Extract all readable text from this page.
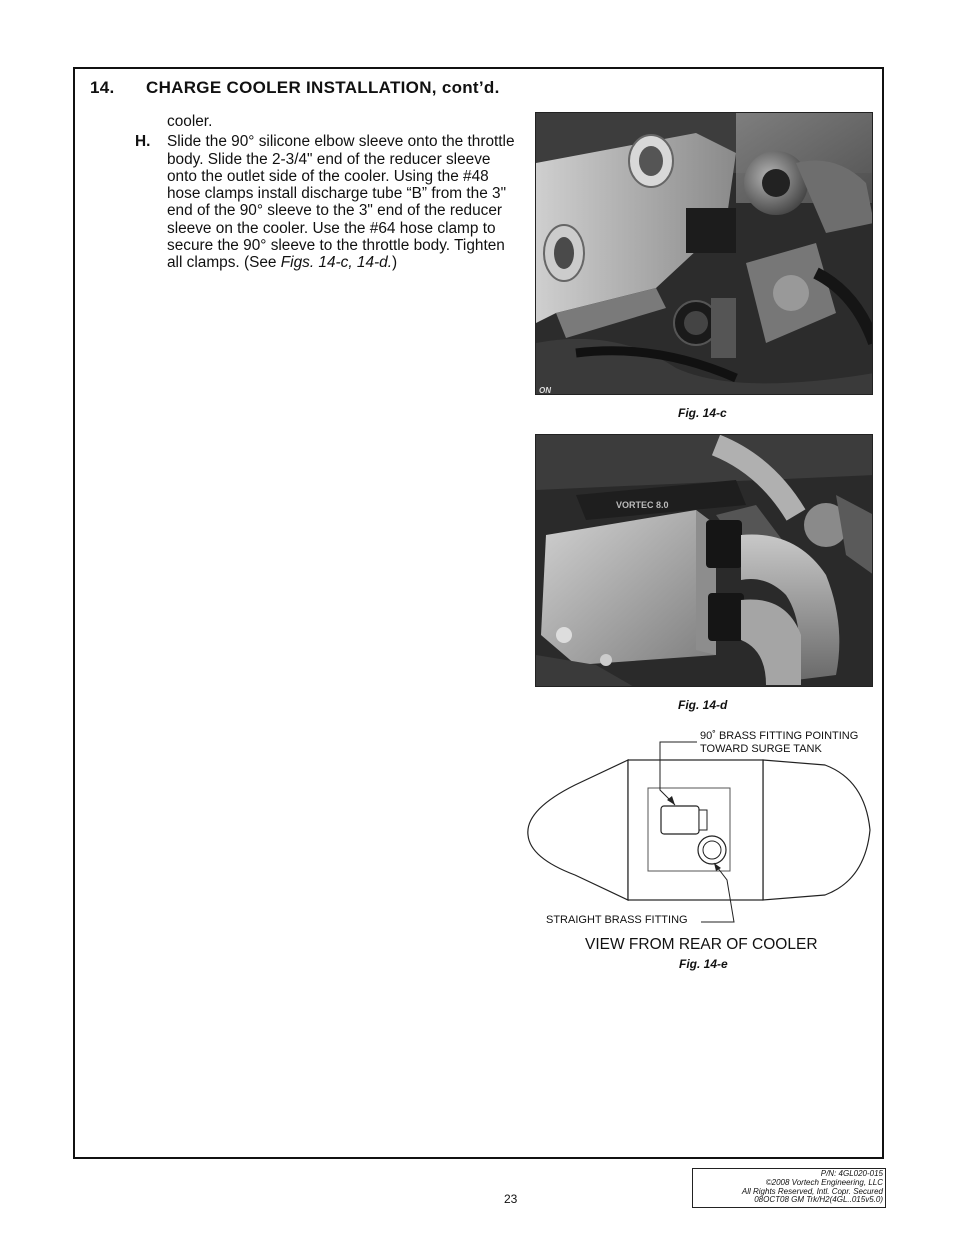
14. CHARGE COOLER INSTALLATION, cont’d.
cooler.
H.	Slide the 90° silicone elbow sleeve onto the throttle body. Slide the 2-3/4" end of the reducer sleeve onto the outlet side of the cooler. Using the #48 hose clamps install discharge tube “B” from the 3" end of the 90° sleeve to the 3" end of the reducer sleeve on the cooler. Use the #64 hose clamp to secure the 90° sleeve to the throttle body. Tighten all clamps. (See Figs. 14-c, 14-d.)
ON
Fig. 14-c
VORTEC 8.0
Fig. 14-d
90˚ BRASS FITTING POINTING
TOWARD SURGE TANK
STRAIGHT BRASS FITTING
VIEW FROM REAR OF COOLER
Fig. 14-e
23
P/N: 4GL020-015
©2008 Vortech Engineering, LLC
All Rights Reserved, Intl. Copr. Secured
08OCT08 GM Trk/H2(4GL..015v5.0)
